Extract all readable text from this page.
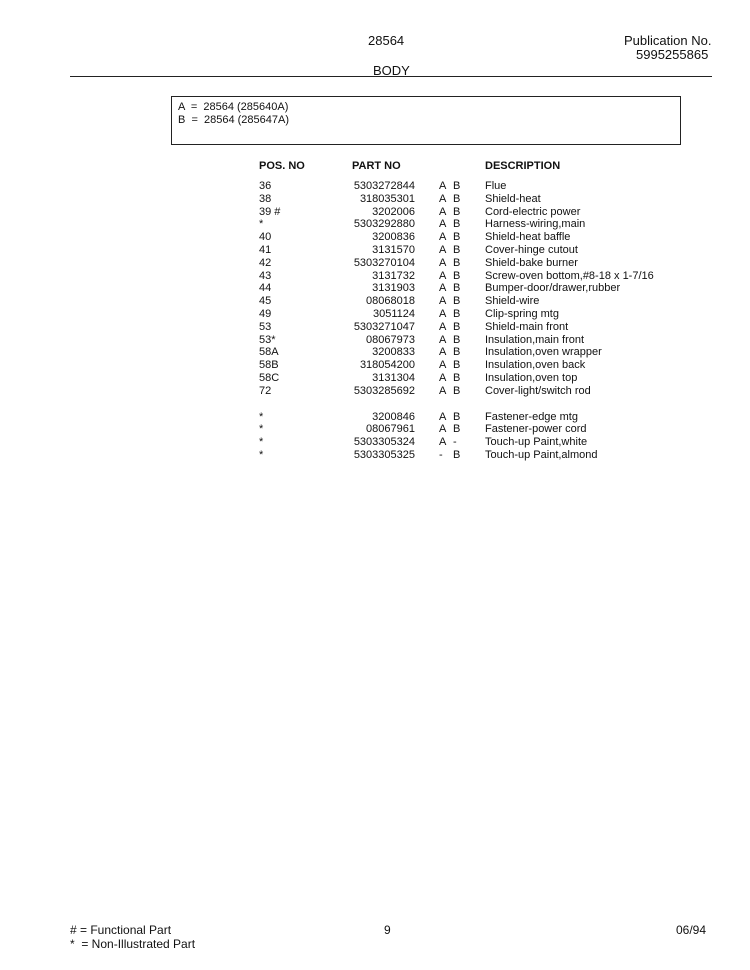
28564	Publication No.
5995255865
BODY
A  =  28564 (285640A)
B  =  28564 (285647A)
POS. NO	PART NO	DESCRIPTION
36	5303272844 A B Flue
38	318035301 A B Shield-heat
39 #	3202006 A B Cord-electric power
*	5303292880 A B Harness-wiring,main
40	3200836 A B Shield-heat baffle
41	3131570 A B Cover-hinge cutout
42	5303270104 A B Shield-bake burner
43	3131732 A B Screw-oven bottom,#8-18 x 1-7/16
44	3131903 A B Bumper-door/drawer,rubber
45	08068018 A B Shield-wire
49	3051124 A B Clip-spring mtg
53	5303271047 A B Shield-main front
53*	08067973 A B Insulation,main front
58A	3200833 A B Insulation,oven wrapper
58B	318054200 A B Insulation,oven back
58C	3131304 A B Insulation,oven top
72	5303285692 A B Cover-light/switch rod
*	3200846 A B Fastener-edge mtg
*	08067961 A B Fastener-power cord
*	5303305324 A -	Touch-up Paint,white
*	5303305325 - B Touch-up Paint,almond
# = Functional Part
*  = Non-Illustrated Part
9	06/94
